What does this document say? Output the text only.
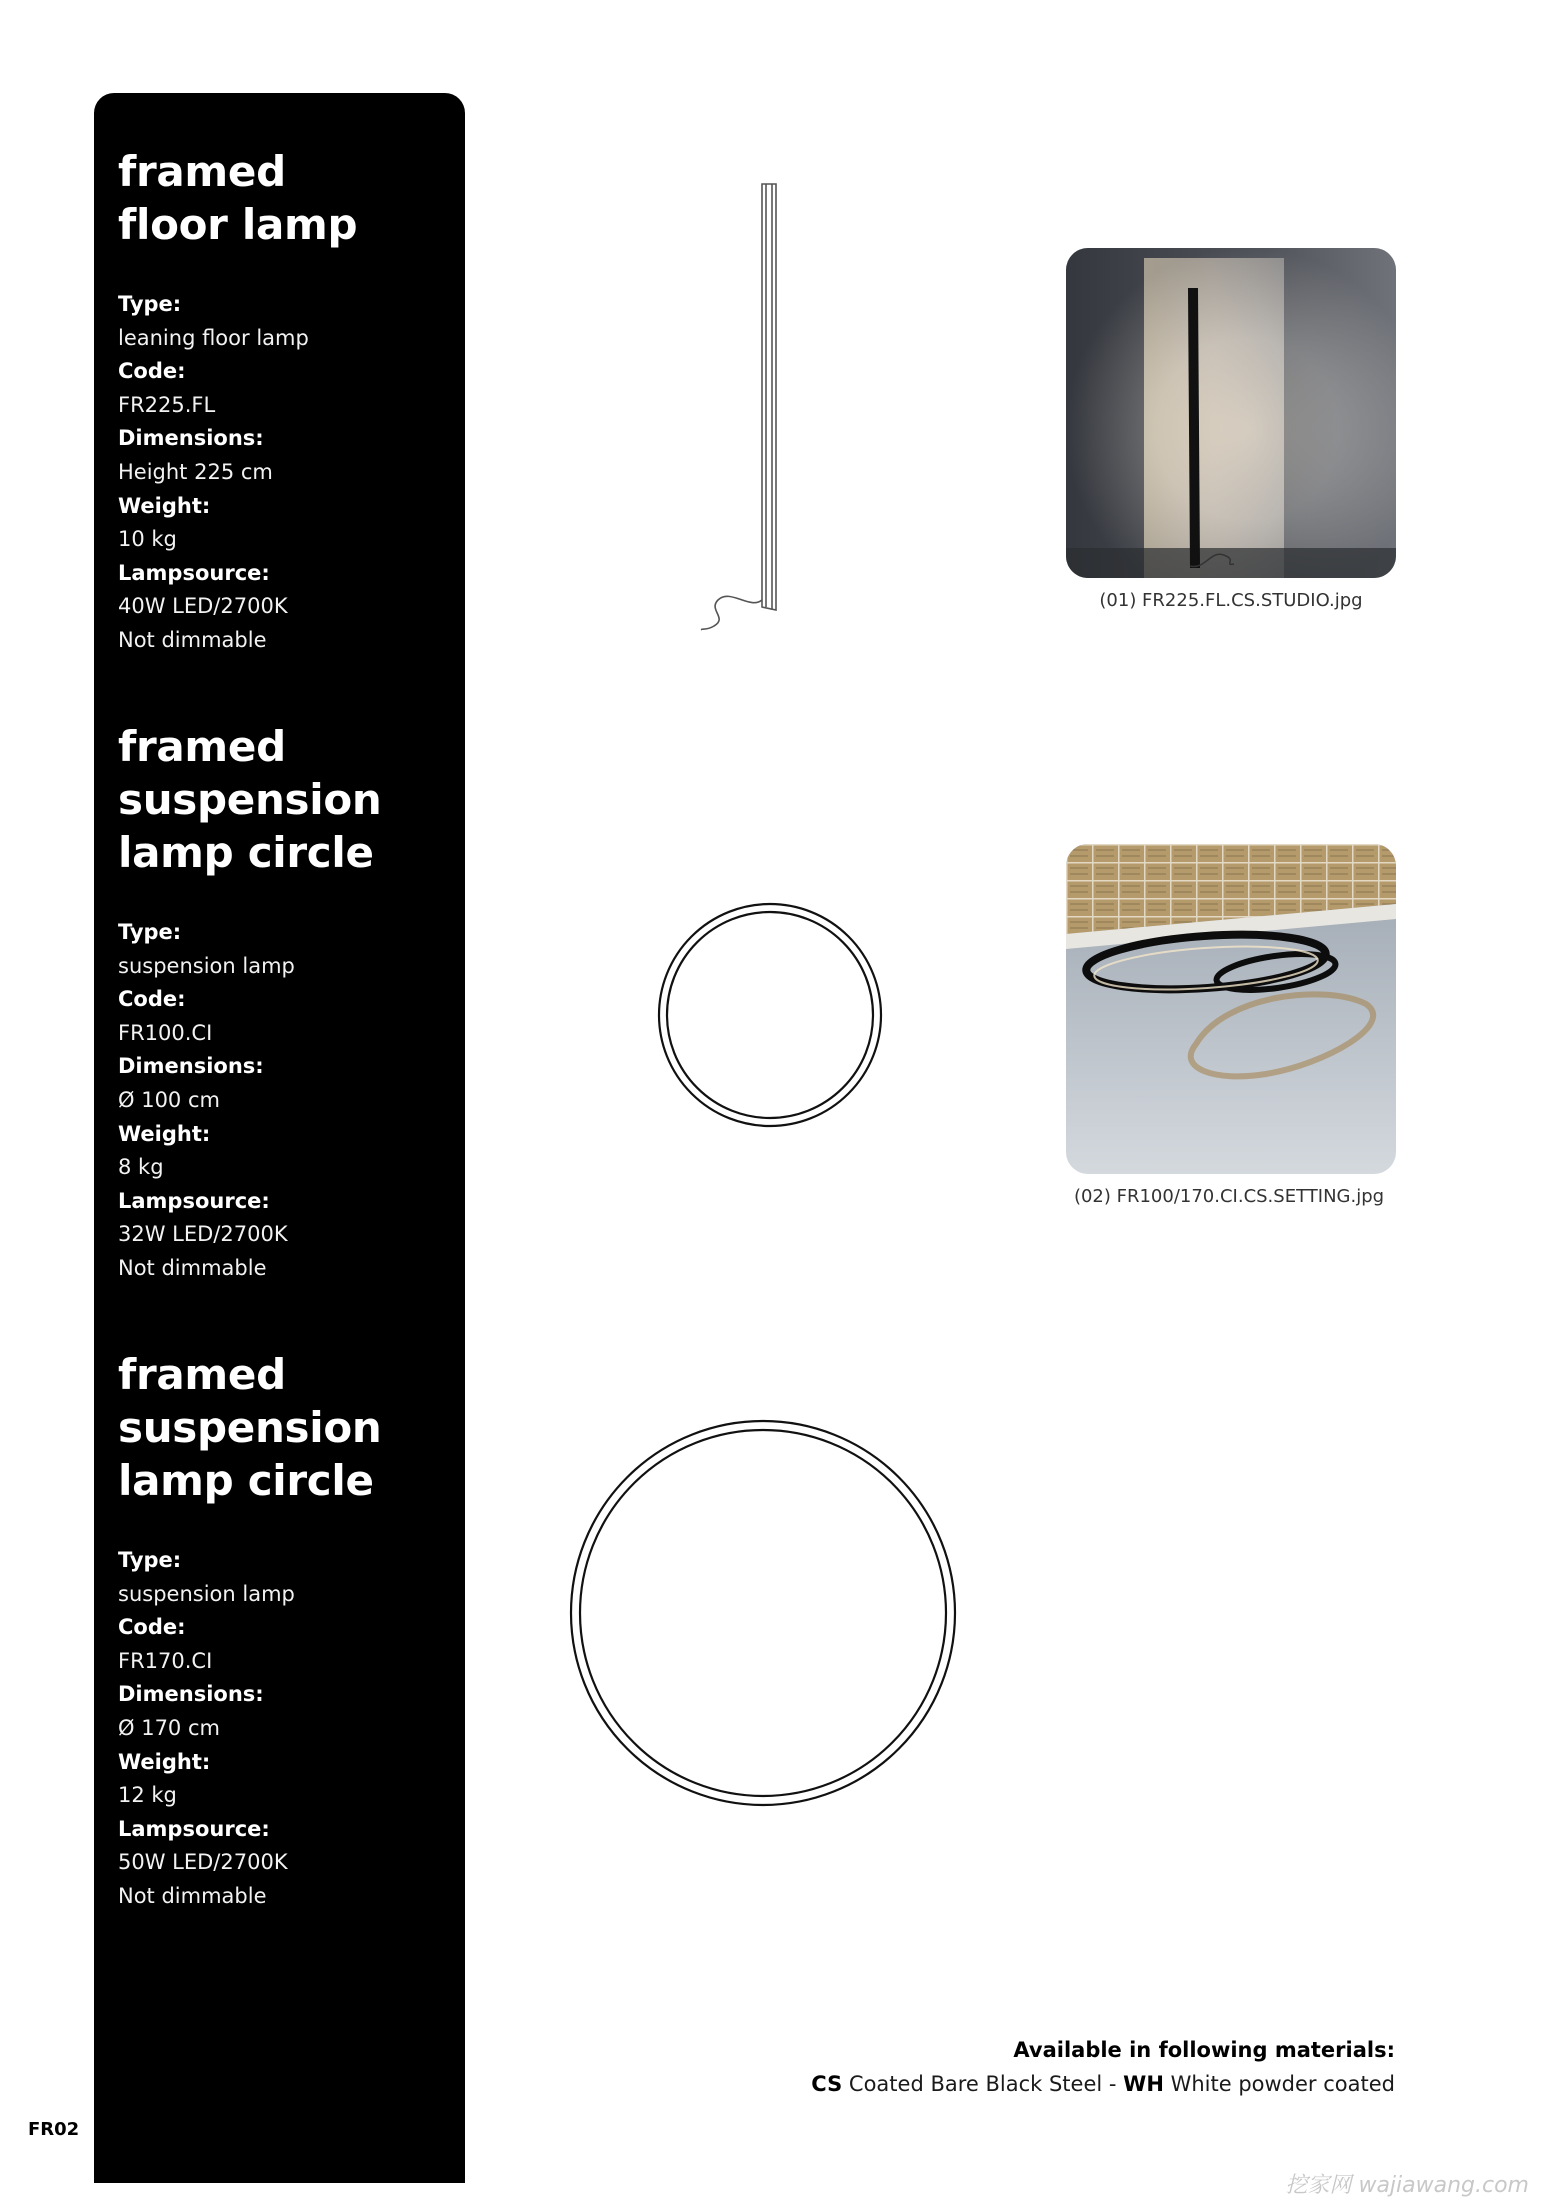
framed
floor lamp
Type:
leaning floor lamp
Code:
FR225.FL
Dimensions:
Height 225 cm
Weight:
10 kg
Lampsource:
40W LED/2700K
Not dimmable
framed
suspension
lamp circle
Type:
suspension lamp
Code:
FR100.CI
Dimensions:
Ø 100 cm
Weight:
8 kg
Lampsource:
32W LED/2700K
Not dimmable
framed
suspension
lamp circle
Type:
suspension lamp
Code:
FR170.CI
Dimensions:
Ø 170 cm
Weight:
12 kg
Lampsource:
50W LED/2700K
Not dimmable
(01) FR225.FL.CS.STUDIO.jpg
(02) FR100/170.CI.CS.SETTING.jpg
Available in following materials:
CS Coated Bare Black Steel - WH White powder coated
FR02
挖家网 wajiawang.com
